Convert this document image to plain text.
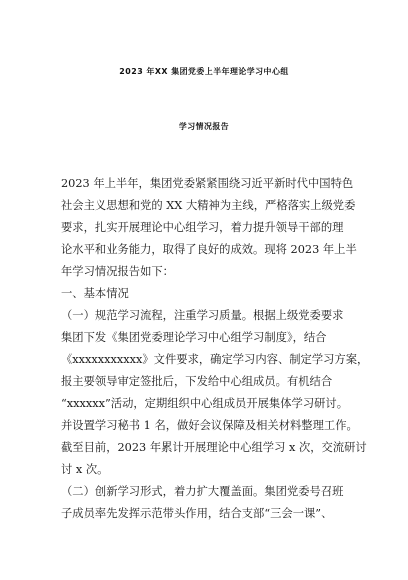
2023 年XX 集团党委上半年理论学习中心组
学习情况报告
2023 年上半年，集团党委紧紧围绕习近平新时代中国特色
社会主义思想和党的 XX 大精神为主线，严格落实上级党委
要求，扎实开展理论中心组学习，着力提升领导干部的理
论水平和业务能力，取得了良好的成效。现将 2023 年上半
年学习情况报告如下：
一、基本情况
（一）规范学习流程，注重学习质量。根据上级党委要求
集团下发《集团党委理论学习中心组学习制度》，结合
《xxxxxxxxxxx》文件要求，确定学习内容、制定学习方案，
报主要领导审定签批后，下发给中心组成员。有机结合
“xxxxxx”活动，定期组织中心组成员开展集体学习研讨。
并设置学习秘书 1 名，做好会议保障及相关材料整理工作。
截至目前，2023 年累计开展理论中心组学习 x 次，交流研讨
讨 x 次。
（二）创新学习形式，着力扩大覆盖面。集团党委号召班
子成员率先发挥示范带头作用，结合支部“三会一课”、
